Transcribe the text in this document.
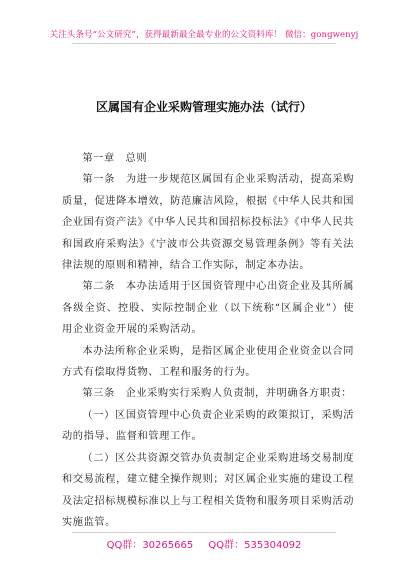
关注头条号“公文研究”，获得最新最全最专业的公文资料库！ 微信：gongwenyj
区属国有企业采购管理实施办法（试行）

第一章　总则

第一条　为进一步规范区属国有企业采购活动，提高采购质量，促进降本增效，防范廉洁风险，根据《中华人民共和国企业国有资产法》《中华人民共和国招标投标法》《中华人民共和国政府采购法》《宁波市公共资源交易管理条例》等有关法律法规的原则和精神，结合工作实际，制定本办法。

第二条　本办法适用于区国资管理中心出资企业及其所属各级全资、控股、实际控制企业（以下统称“区属企业”）使用企业资金开展的采购活动。

本办法所称企业采购，是指区属企业使用企业资金以合同方式有偿取得货物、工程和服务的行为。

第三条　企业采购实行采购人负责制，并明确各方职责：

（一）区国资管理中心负责企业采购的政策拟订，采购活动的指导、监督和管理工作。

（二）区公共资源交管办负责制定企业采购进场交易制度和交易流程，建立健全操作规则；对区属企业实施的建设工程及法定招标规模标准以上与工程相关货物和服务项目采购活动实施监管。

QQ群：30265665 QQ群：535304092
